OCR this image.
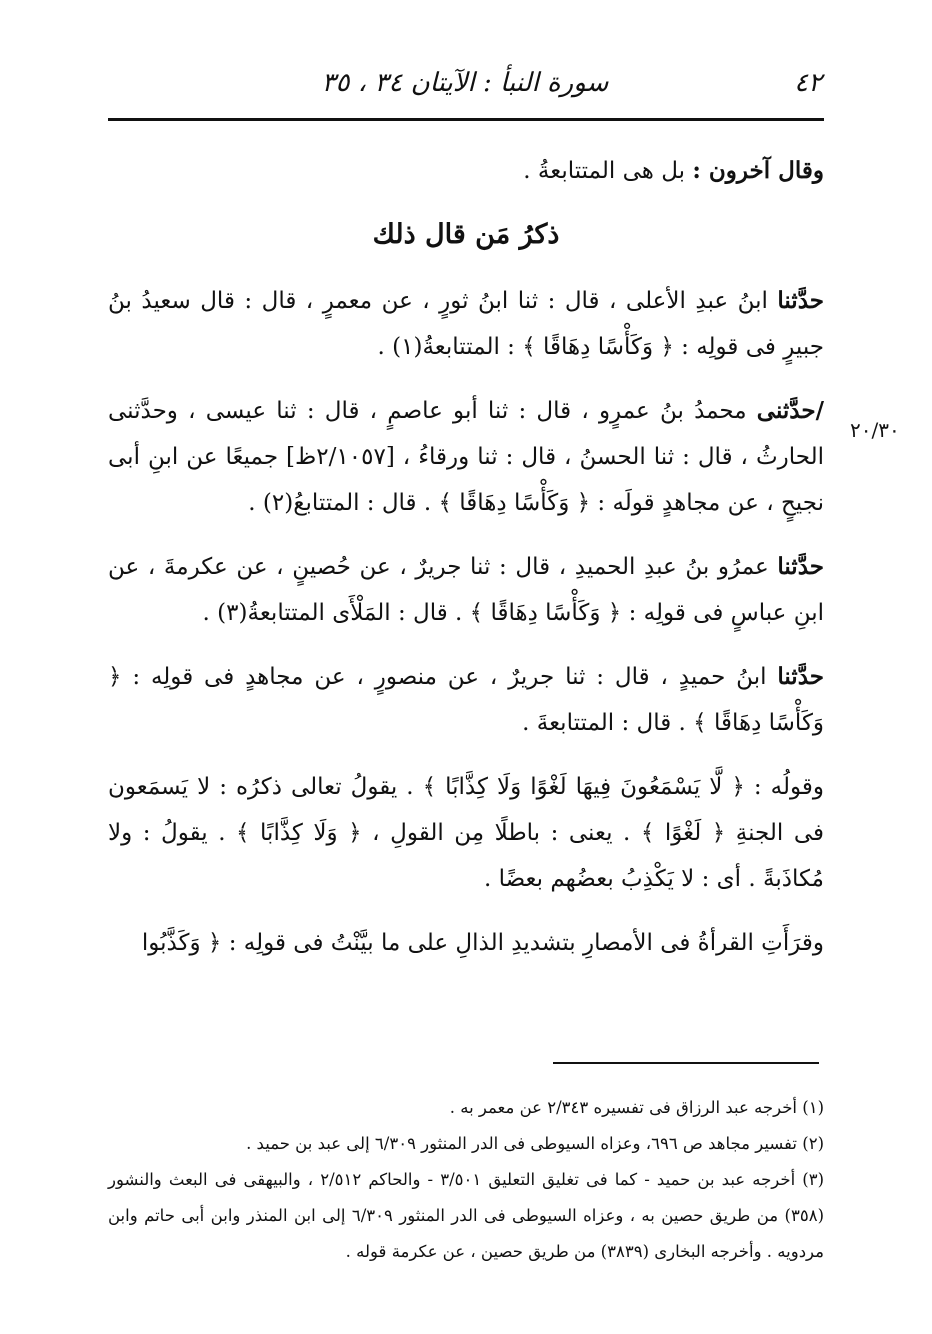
٤٢
سورة النبأ : الآيتان ٣٤ ، ٣٥
٢٠/٣٠

وقال آخرون : بل هى المتتابعةُ .

ذكرُ مَن قال ذلك

حدَّثنا ابنُ عبدِ الأعلى ، قال : ثنا ابنُ ثورٍ ، عن معمرٍ ، قال : قال سعيدُ بنُ جبيرٍ فى قولِه : ﴿ وَكَأْسًا دِهَاقًا ﴾ : المتتابعةُ(١) .

/حدَّثنى محمدُ بنُ عمرٍو ، قال : ثنا أبو عاصمٍ ، قال : ثنا عيسى ، وحدَّثنى الحارثُ ، قال : ثنا الحسنُ ، قال : ثنا ورقاءُ ، [٢/١٠٥٧ظ] جميعًا عن ابنِ أبى نجيحٍ ، عن مجاهدٍ قولَه : ﴿ وَكَأْسًا دِهَاقًا ﴾ . قال : المتتابعُ(٢) .

حدَّثنا عمرُو بنُ عبدِ الحميدِ ، قال : ثنا جريرٌ ، عن حُصينٍ ، عن عكرمةَ ، عن ابنِ عباسٍ فى قولِه : ﴿ وَكَأْسًا دِهَاقًا ﴾ . قال : المَلْأَى المتتابعةُ(٣) .

حدَّثنا ابنُ حميدٍ ، قال : ثنا جريرٌ ، عن منصورٍ ، عن مجاهدٍ فى قولِه : ﴿ وَكَأْسًا دِهَاقًا ﴾ . قال : المتتابعةَ .

وقولُه : ﴿ لَّا يَسْمَعُونَ فِيهَا لَغْوًا وَلَا كِذَّابًا ﴾ . يقولُ تعالى ذكرُه : لا يَسمَعون فى الجنةِ ﴿ لَغْوًا ﴾ . يعنى : باطلًا مِن القولِ ، ﴿ وَلَا كِذَّابًا ﴾ . يقولُ : ولا مُكاذَبةً . أى : لا يَكْذِبُ بعضُهم بعضًا .

وقرَأَتِ القرأةُ فى الأمصارِ بتشديدِ الذالِ على ما بيَّنْتُ فى قولِه : ﴿ وَكَذَّبُوا

(١) أخرجه عبد الرزاق فى تفسيره ٢/٣٤٣ عن معمر به .

(٢) تفسير مجاهد ص ٦٩٦، وعزاه السيوطى فى الدر المنثور ٦/٣٠٩ إلى عبد بن حميد .

(٣) أخرجه عبد بن حميد - كما فى تغليق التعليق ٣/٥٠١ - والحاكم ٢/٥١٢ ، والبيهقى فى البعث والنشور (٣٥٨) من طريق حصين به ، وعزاه السيوطى فى الدر المنثور ٦/٣٠٩ إلى ابن المنذر وابن أبى حاتم وابن مردويه . وأخرجه البخارى (٣٨٣٩) من طريق حصين ، عن عكرمة قوله .
